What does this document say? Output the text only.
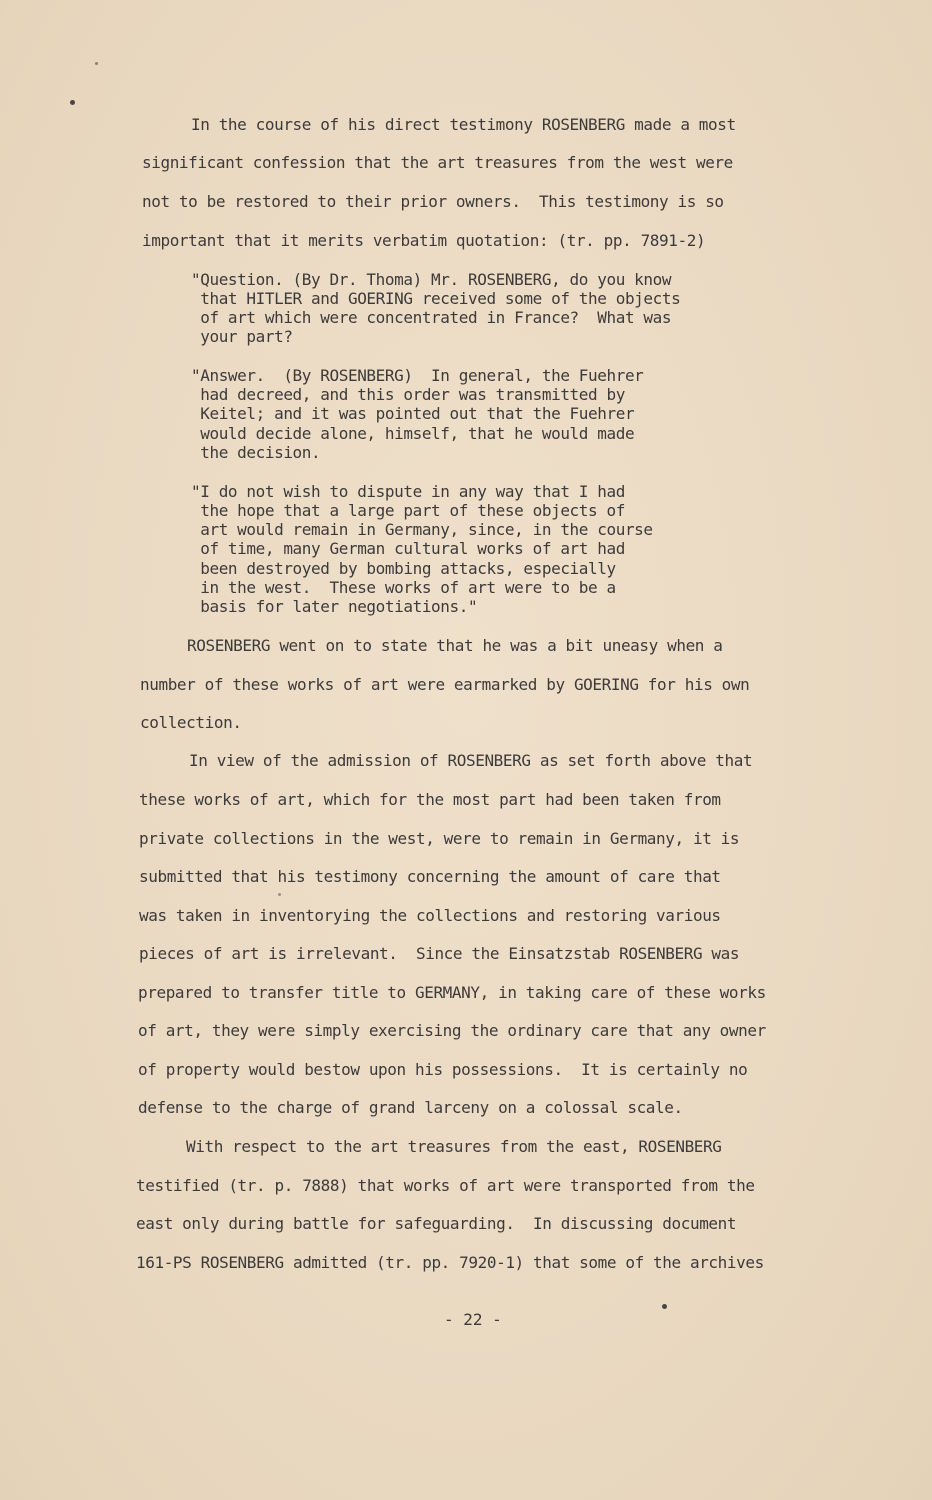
In the course of his direct testimony ROSENBERG made a most
significant confession that the art treasures from the west were
not to be restored to their prior owners.  This testimony is so
important that it merits verbatim quotation: (tr. pp. 7891-2)
"Question. (By Dr. Thoma) Mr. ROSENBERG, do you know
that HITLER and GOERING received some of the objects
of art which were concentrated in France?  What was
your part?
"Answer.  (By ROSENBERG)  In general, the Fuehrer
had decreed, and this order was transmitted by
Keitel; and it was pointed out that the Fuehrer
would decide alone, himself, that he would made
the decision.
"I do not wish to dispute in any way that I had
the hope that a large part of these objects of
art would remain in Germany, since, in the course
of time, many German cultural works of art had
been destroyed by bombing attacks, especially
in the west.  These works of art were to be a
basis for later negotiations."
ROSENBERG went on to state that he was a bit uneasy when a
number of these works of art were earmarked by GOERING for his own
collection.
In view of the admission of ROSENBERG as set forth above that
these works of art, which for the most part had been taken from
private collections in the west, were to remain in Germany, it is
submitted that his testimony concerning the amount of care that
was taken in inventorying the collections and restoring various
pieces of art is irrelevant.  Since the Einsatzstab ROSENBERG was
prepared to transfer title to GERMANY, in taking care of these works
of art, they were simply exercising the ordinary care that any owner
of property would bestow upon his possessions.  It is certainly no
defense to the charge of grand larceny on a colossal scale.
With respect to the art treasures from the east, ROSENBERG
testified (tr. p. 7888) that works of art were transported from the
east only during battle for safeguarding.  In discussing document
161-PS ROSENBERG admitted (tr. pp. 7920-1) that some of the archives
- 22 -
